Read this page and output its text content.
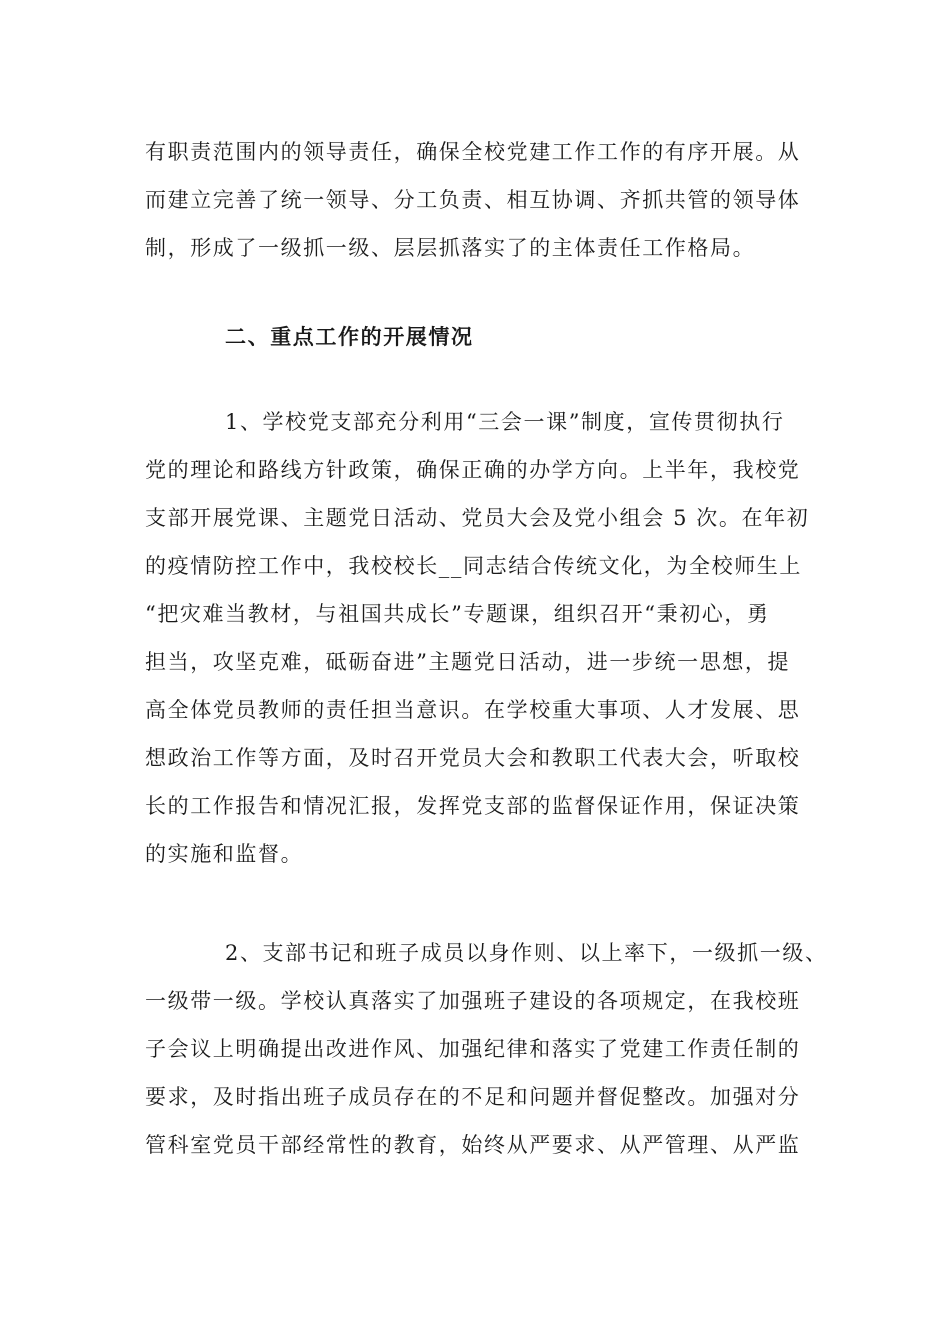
有职责范围内的领导责任，确保全校党建工作工作的有序开展。从
而建立完善了统一领导、分工负责、相互协调、齐抓共管的领导体
制，形成了一级抓一级、层层抓落实了的主体责任工作格局。
二、重点工作的开展情况
1、学校党支部充分利用“三会一课”制度，宣传贯彻执行
党的理论和路线方针政策，确保正确的办学方向。上半年，我校党
支部开展党课、主题党日活动、党员大会及党小组会 5 次。在年初
的疫情防控工作中，我校校长__同志结合传统文化，为全校师生上
“把灾难当教材，与祖国共成长”专题课，组织召开“秉初心，勇
担当，攻坚克难，砥砺奋进”主题党日活动，进一步统一思想，提
高全体党员教师的责任担当意识。在学校重大事项、人才发展、思
想政治工作等方面，及时召开党员大会和教职工代表大会，听取校
长的工作报告和情况汇报，发挥党支部的监督保证作用，保证决策
的实施和监督。
2、支部书记和班子成员以身作则、以上率下，一级抓一级、
一级带一级。学校认真落实了加强班子建设的各项规定，在我校班
子会议上明确提出改进作风、加强纪律和落实了党建工作责任制的
要求，及时指出班子成员存在的不足和问题并督促整改。加强对分
管科室党员干部经常性的教育，始终从严要求、从严管理、从严监
